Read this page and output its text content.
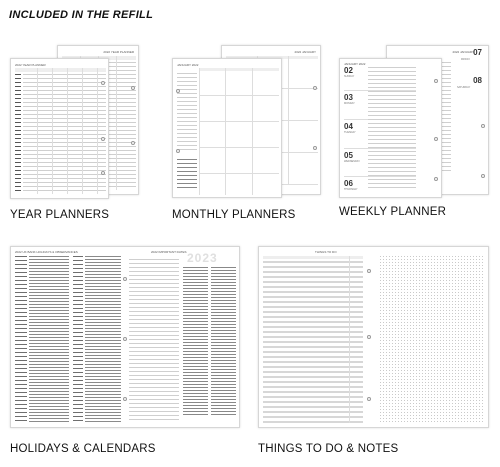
INCLUDED IN THE REFILL
2022 YEAR PLANNER
2022 YEAR PLANNER
YEAR PLANNERS
2022 JANUARY
JANUARY 2022
MONTHLY PLANNERS
2022 JANUARY 07
FRIDAY
08
SATURDAY
JANUARY 2022
02
SUNDAY
03
MONDAY
04
TUESDAY
05
WEDNESDAY
06
THURSDAY
WEEKLY PLANNER
2022 UK BANK HOLIDAYS & OBSERVANCES	2022 IMPORTANT DATES 2023
HOLIDAYS & CALENDARS
THINGS TO DO
THINGS TO DO & NOTES
